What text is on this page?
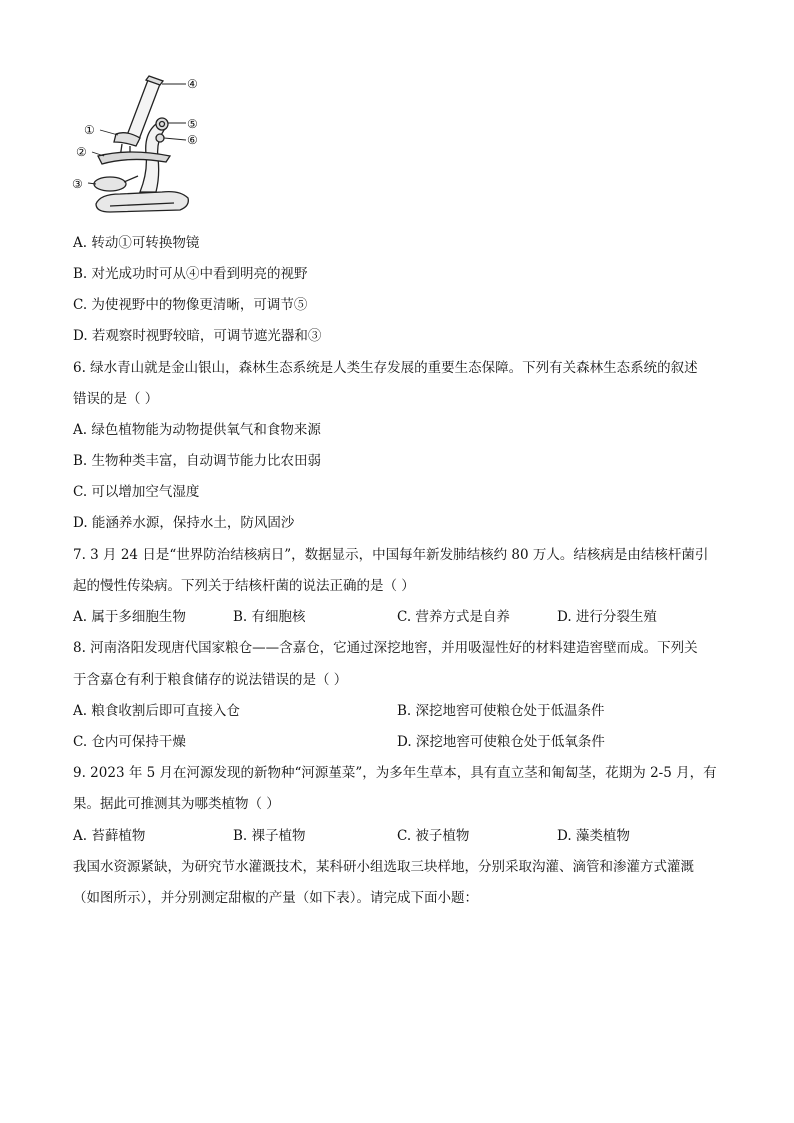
④
①	⑤
⑥
②
③
A. 转动①可转换物镜
B. 对光成功时可从④中看到明亮的视野
C. 为使视野中的物像更清晰，可调节⑤
D. 若观察时视野较暗，可调节遮光器和③
6. 绿水青山就是金山银山，森林生态系统是人类生存发展的重要生态保障。下列有关森林生态系统的叙述
错误的是（ ）
A. 绿色植物能为动物提供氧气和食物来源
B. 生物种类丰富，自动调节能力比农田弱
C. 可以增加空气湿度
D. 能涵养水源，保持水土，防风固沙
7. 3 月 24 日是“世界防治结核病日”，数据显示，中国每年新发肺结核约 80 万人。结核病是由结核杆菌引
起的慢性传染病。下列关于结核杆菌的说法正确的是（ ）
A. 属于多细胞生物	B. 有细胞核	C. 营养方式是自养	D. 进行分裂生殖
8. 河南洛阳发现唐代国家粮仓——含嘉仓，它通过深挖地窖，并用吸湿性好的材料建造窖壁而成。下列关
于含嘉仓有利于粮食储存的说法错误的是（ ）
A. 粮食收割后即可直接入仓	B. 深挖地窖可使粮仓处于低温条件
C. 仓内可保持干燥	D. 深挖地窖可使粮仓处于低氧条件
9. 2023 年 5 月在河源发现的新物种“河源堇菜”，为多年生草本，具有直立茎和匍匐茎，花期为 2-5 月，有
果。据此可推测其为哪类植物（ ）
A. 苔藓植物	B. 裸子植物	C. 被子植物	D. 藻类植物
我国水资源紧缺，为研究节水灌溉技术，某科研小组选取三块样地，分别采取沟灌、滴管和渗灌方式灌溉
（如图所示），并分别测定甜椒的产量（如下表）。请完成下面小题：
